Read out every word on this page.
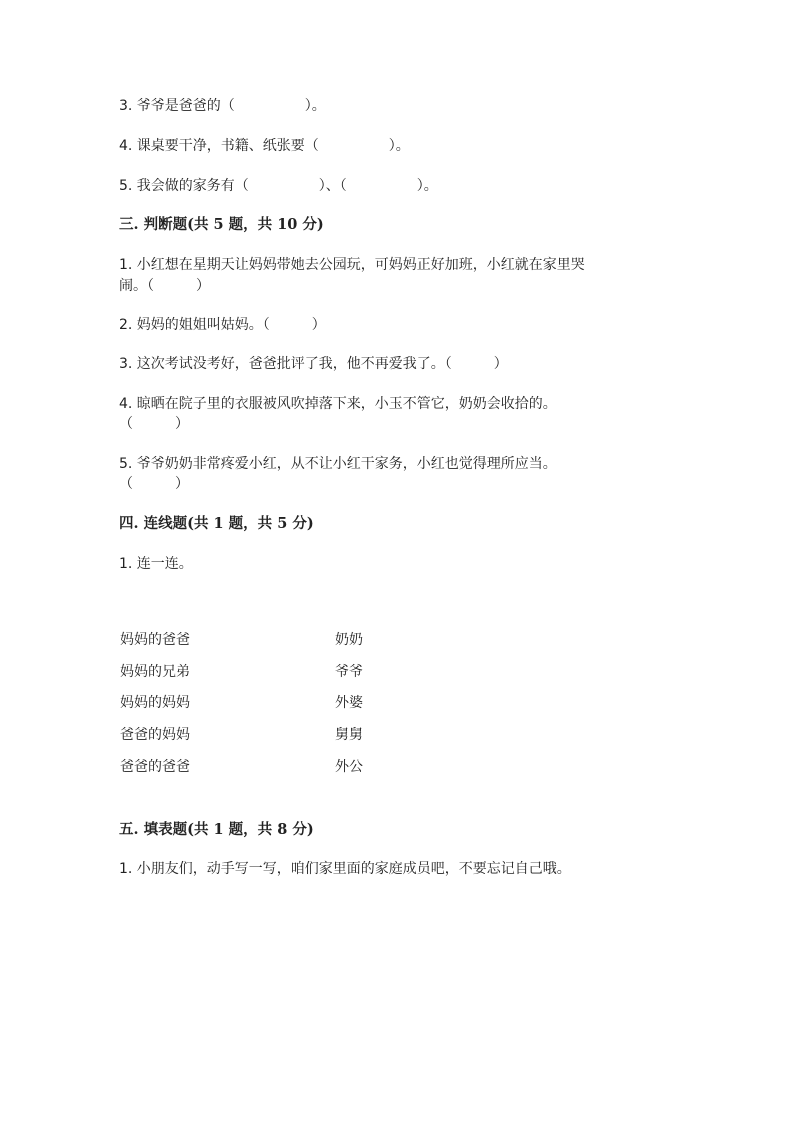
3. 爷爷是爸爸的（　　　　　）。
4. 课桌要干净，书籍、纸张要（　　　　　）。
5. 我会做的家务有（　　　　　）、（　　　　　）。
三. 判断题(共 5 题，共 10 分)
1. 小红想在星期天让妈妈带她去公园玩，可妈妈正好加班，小红就在家里哭
闹。（　　　）
2. 妈妈的姐姐叫姑妈。（　　　）
3. 这次考试没考好，爸爸批评了我，他不再爱我了。（　　　）
4. 晾晒在院子里的衣服被风吹掉落下来，小玉不管它，奶奶会收拾的。
（　　　）
5. 爷爷奶奶非常疼爱小红，从不让小红干家务，小红也觉得理所应当。
（　　　）
四. 连线题(共 1 题，共 5 分)
1. 连一连。
妈妈的爸爸
妈妈的兄弟
妈妈的妈妈
爸爸的妈妈
爸爸的爸爸
奶奶
爷爷
外婆
舅舅
外公
五. 填表题(共 1 题，共 8 分)
1. 小朋友们，动手写一写，咱们家里面的家庭成员吧，不要忘记自己哦。
